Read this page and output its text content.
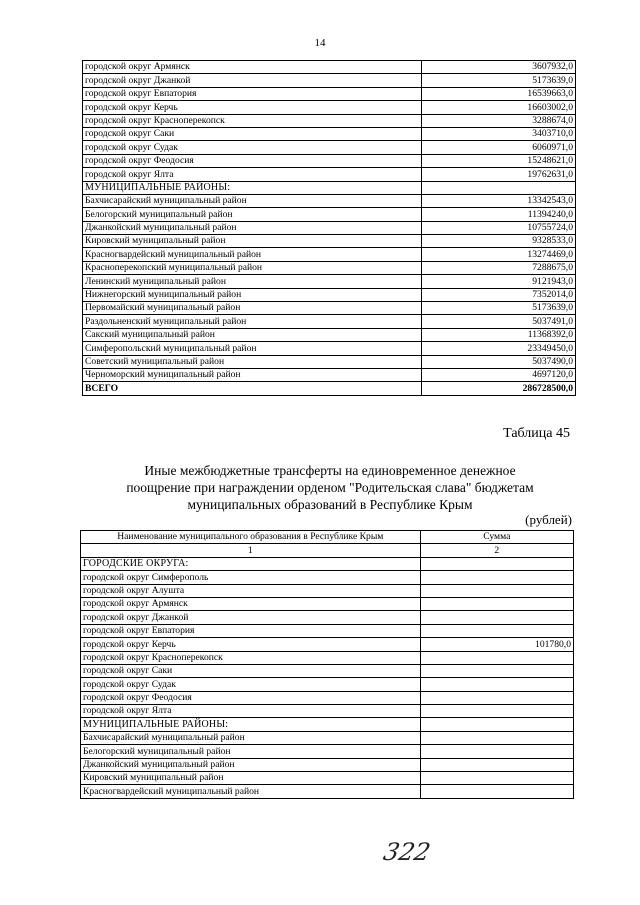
14
городской округ Армянск	3607932,0
городской округ Джанкой	5173639,0
городской округ Евпатория	16539663,0
городской округ Керчь	16603002,0
городской округ Красноперекопск	3288674,0
городской округ Саки	3403710,0
городской округ Судак	6060971,0
городской округ Феодосия	15248621,0
городской округ Ялта	19762631,0
МУНИЦИПАЛЬНЫЕ РАЙОНЫ:	
Бахчисарайский муниципальный район	13342543,0
Белогорский муниципальный район	11394240,0
Джанкойский муниципальный район	10755724,0
Кировский муниципальный район	9328533,0
Красногвардейский муниципальный район	13274469,0
Красноперекопский муниципальный район	7288675,0
Ленинский муниципальный район	9121943,0
Нижнегорский муниципальный район	7352014,0
Первомайский муниципальный район	5173639,0
Раздольненский муниципальный район	5037491,0
Сакский муниципальный район	11368392,0
Симферопольский муниципальный район	23349450,0
Советский муниципальный район	5037490,0
Черноморский муниципальный район	4697120,0
ВСЕГО	286728500,0
Таблица 45
Иные межбюджетные трансферты на единовременное денежное
поощрение при награждении орденом "Родительская слава" бюджетам
муниципальных образований в Республике Крым
(рублей)
Наименование муниципального образования в Республике Крым	Сумма
1	2
ГОРОДСКИЕ ОКРУГА:	
городской округ Симферополь	
городской округ Алушта	
городской округ Армянск	
городской округ Джанкой	
городской округ Евпатория	
городской округ Керчь	101780,0
городской округ Красноперекопск	
городской округ Саки	
городской округ Судак	
городской округ Феодосия	
городской округ Ялта	
МУНИЦИПАЛЬНЫЕ РАЙОНЫ:	
Бахчисарайский муниципальный район	
Белогорский муниципальный район	
Джанкойский муниципальный район	
Кировский муниципальный район	
Красногвардейский муниципальный район	
322
